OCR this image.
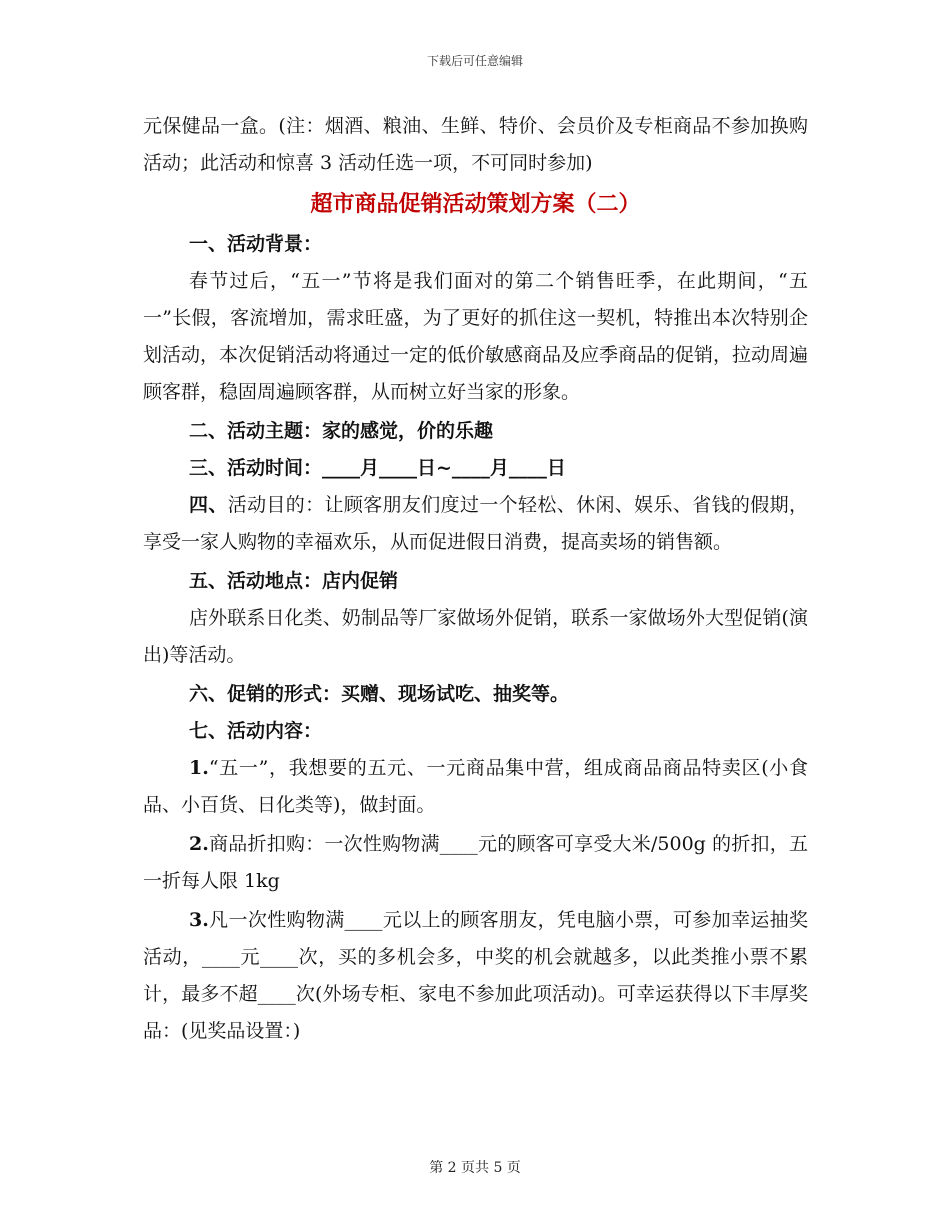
下载后可任意编辑

元保健品一盒。(注：烟酒、粮油、生鲜、特价、会员价及专柜商品不参加换购活动；此活动和惊喜 3 活动任选一项，不可同时参加)

超市商品促销活动策划方案（二）

一、活动背景：

春节过后，“五一”节将是我们面对的第二个销售旺季，在此期间，“五一”长假，客流增加，需求旺盛，为了更好的抓住这一契机，特推出本次特别企划活动，本次促销活动将通过一定的低价敏感商品及应季商品的促销，拉动周遍顾客群，稳固周遍顾客群，从而树立好当家的形象。

二、活动主题：家的感觉，价的乐趣

三、活动时间：____月____日~____月____日

四、活动目的：让顾客朋友们度过一个轻松、休闲、娱乐、省钱的假期，享受一家人购物的幸福欢乐，从而促进假日消费，提高卖场的销售额。

五、活动地点：店内促销

店外联系日化类、奶制品等厂家做场外促销，联系一家做场外大型促销(演出)等活动。

六、促销的形式：买赠、现场试吃、抽奖等。

七、活动内容：

1.“五一”，我想要的五元、一元商品集中营，组成商品商品特卖区(小食品、小百货、日化类等)，做封面。

2.商品折扣购：一次性购物满____元的顾客可享受大米/500g 的折扣，五一折每人限 1kg

3.凡一次性购物满____元以上的顾客朋友，凭电脑小票，可参加幸运抽奖活动，____元____次，买的多机会多，中奖的机会就越多，以此类推小票不累计，最多不超____次(外场专柜、家电不参加此项活动)。可幸运获得以下丰厚奖品：(见奖品设置：)

第 2 页共 5 页
